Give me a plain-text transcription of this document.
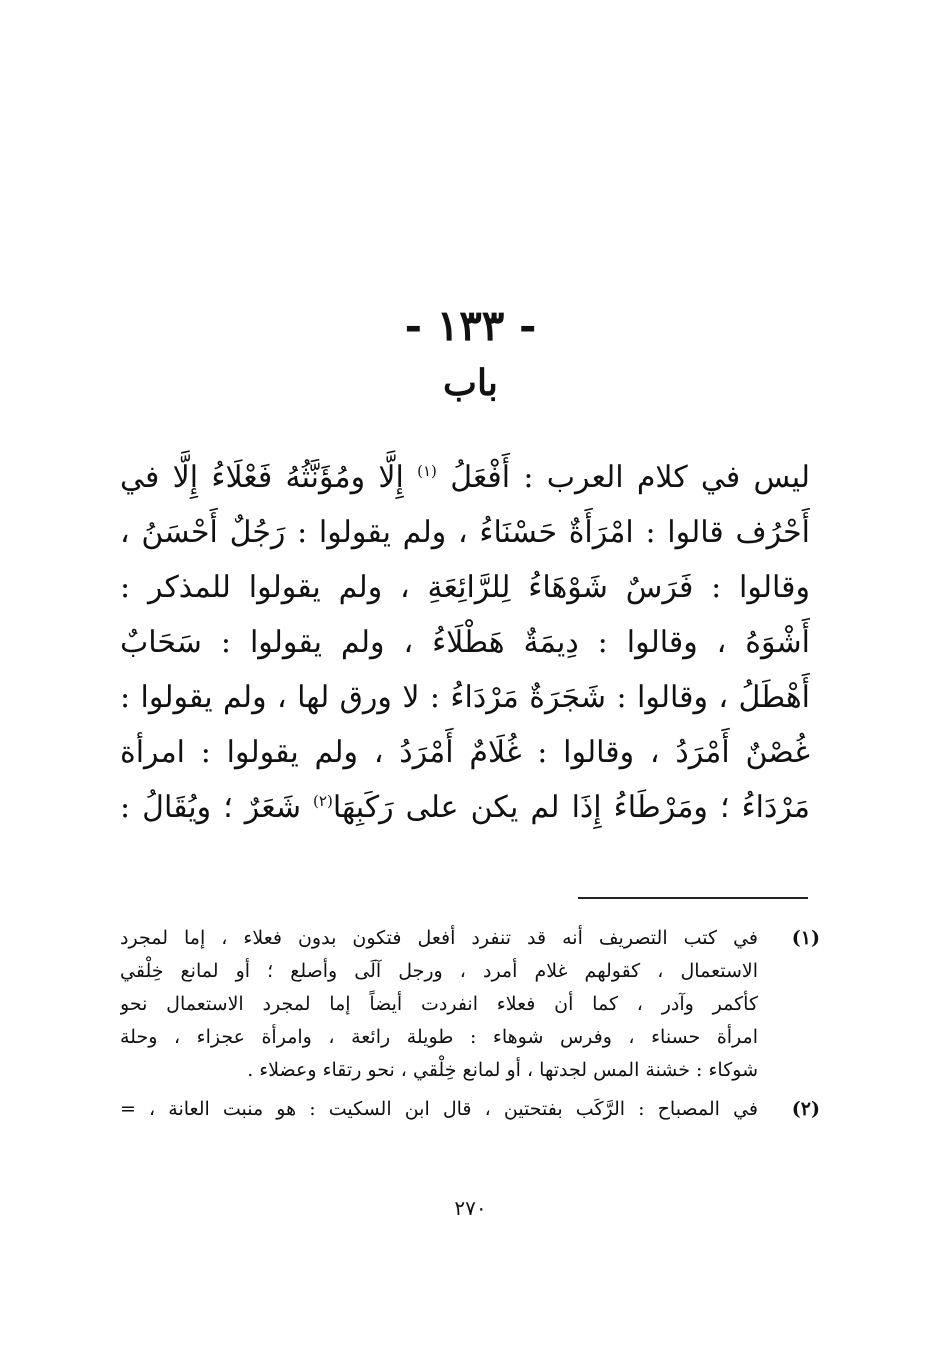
- ١٣٣ -
باب
ليس في كلام العرب : أَفْعَلُ $^{(١)}$ إِلَّا ومُؤَنَّثُهُ فَعْلَاءُ إِلَّا في
أَحْرُف قالوا : امْرَأَةٌ حَسْنَاءُ ، ولم يقولوا : رَجُلٌ أَحْسَنُ ،
وقالوا : فَرَسٌ شَوْهَاءُ لِلرَّائِعَةِ ، ولم يقولوا للمذكر :
أَشْوَهُ ، وقالوا : دِيمَةٌ هَطْلَاءُ ، ولم يقولوا : سَحَابٌ
أَهْطَلُ ، وقالوا : شَجَرَةٌ مَرْدَاءُ : لا ورق لها ، ولم يقولوا :
غُصْنٌ أَمْرَدُ ، وقالوا : غُلَامٌ أَمْرَدُ ، ولم يقولوا : امرأة
مَرْدَاءُ ؛ ومَرْطَاءُ إِذَا لم يكن على رَكَبِهَا$^{(٢)}$ شَعَرٌ ؛ ويُقَالُ :
(١)
في كتب التصريف أنه قد تنفرد أفعل فتكون بدون فعلاء ، إما لمجرد
الاستعمال ، كقولهم غلام أمرد ، ورجل آلَى وأصلع ؛ أو لمانع خِلْقي
كأكمر وآدر ، كما أن فعلاء انفردت أيضاً إما لمجرد الاستعمال نحو
امرأة حسناء ، وفرس شوهاء : طويلة رائعة ، وامرأة عجزاء ، وحلة
شوكاء : خشنة المس لجدتها ، أو لمانع خِلْقي ، نحو رتقاء وعضلاء .
(٢)
في المصباح : الرَّكَب بفتحتين ، قال ابن السكيت : هو منبت العانة ، =
٢٧٠
